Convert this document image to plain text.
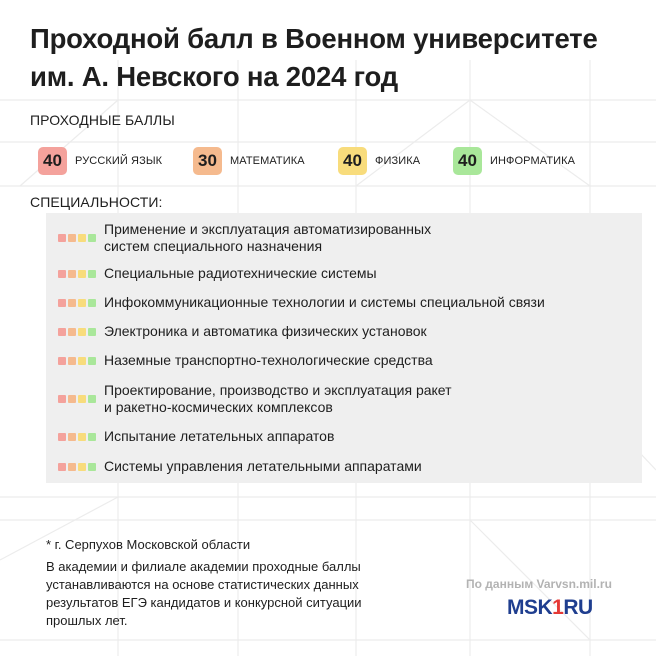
Проходной балл в Военном университете им. А. Невского на 2024 год
ПРОХОДНЫЕ БАЛЛЫ
40	РУССКИЙ ЯЗЫК 30	МАТЕМАТИКА 40	ФИЗИКА 40	ИНФОРМАТИКА
СПЕЦИАЛЬНОСТИ:
Применение и эксплуатация автоматизированных
систем специального назначения
Специальные радиотехнические системы
Инфокоммуникационные технологии и системы специальной связи
Электроника и автоматика физических установок
Наземные транспортно-технологические средства
Проектирование, производство и эксплуатация ракет
и ракетно-космических комплексов
Испытание летательных аппаратов
Системы управления летательными аппаратами
* г. Серпухов Московской области
В академии и филиале академии проходные баллы устанавливаются на основе статистических данных результатов ЕГЭ кандидатов и конкурсной ситуации прошлых лет.
По данным Varvsn.mil.ru
MSK 1 RU
